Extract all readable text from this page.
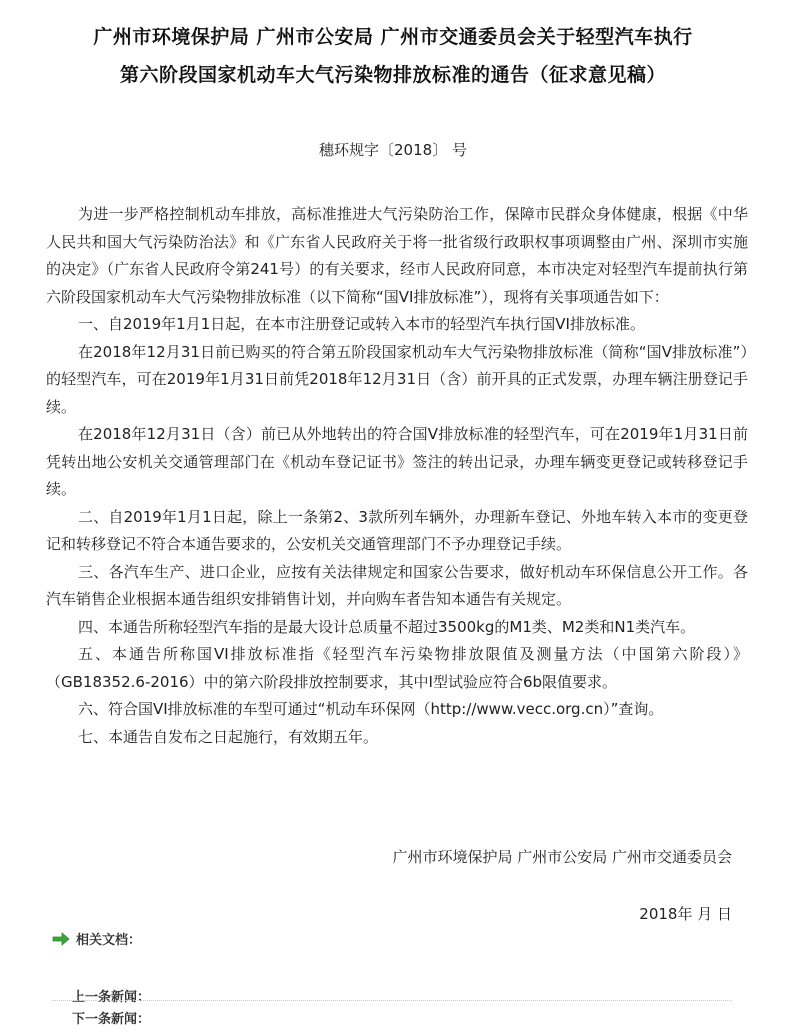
广州市环境保护局 广州市公安局 广州市交通委员会关于轻型汽车执行
第六阶段国家机动车大气污染物排放标准的通告（征求意见稿）
穗环规字〔2018〕 号

为进一步严格控制机动车排放，高标准推进大气污染防治工作，保障市民群众身体健康，根据《中华人民共和国大气污染防治法》和《广东省人民政府关于将一批省级行政职权事项调整由广州、深圳市实施的决定》（广东省人民政府令第241号）的有关要求，经市人民政府同意，本市决定对轻型汽车提前执行第六阶段国家机动车大气污染物排放标准（以下简称“国VI排放标准”），现将有关事项通告如下：

一、自2019年1月1日起，在本市注册登记或转入本市的轻型汽车执行国VI排放标准。

在2018年12月31日前已购买的符合第五阶段国家机动车大气污染物排放标准（简称“国Ⅴ排放标准”）的轻型汽车，可在2019年1月31日前凭2018年12月31日（含）前开具的正式发票，办理车辆注册登记手续。

在2018年12月31日（含）前已从外地转出的符合国Ⅴ排放标准的轻型汽车，可在2019年1月31日前凭转出地公安机关交通管理部门在《机动车登记证书》签注的转出记录，办理车辆变更登记或转移登记手续。

二、自2019年1月1日起，除上一条第2、3款所列车辆外，办理新车登记、外地车转入本市的变更登记和转移登记不符合本通告要求的，公安机关交通管理部门不予办理登记手续。

三、各汽车生产、进口企业，应按有关法律规定和国家公告要求，做好机动车环保信息公开工作。各汽车销售企业根据本通告组织安排销售计划，并向购车者告知本通告有关规定。

四、本通告所称轻型汽车指的是最大设计总质量不超过3500kg的M1类、M2类和N1类汽车。

五、本通告所称国VI排放标准指《轻型汽车污染物排放限值及测量方法（中国第六阶段）》（GB18352.6-2016）中的第六阶段排放控制要求，其中Ⅰ型试验应符合6b限值要求。

六、符合国VI排放标准的车型可通过“机动车环保网（http://www.vecc.org.cn）”查询。

七、本通告自发布之日起施行，有效期五年。

广州市环境保护局 广州市公安局 广州市交通委员会
2018年 月 日
相关文档：
上一条新闻：
下一条新闻：
